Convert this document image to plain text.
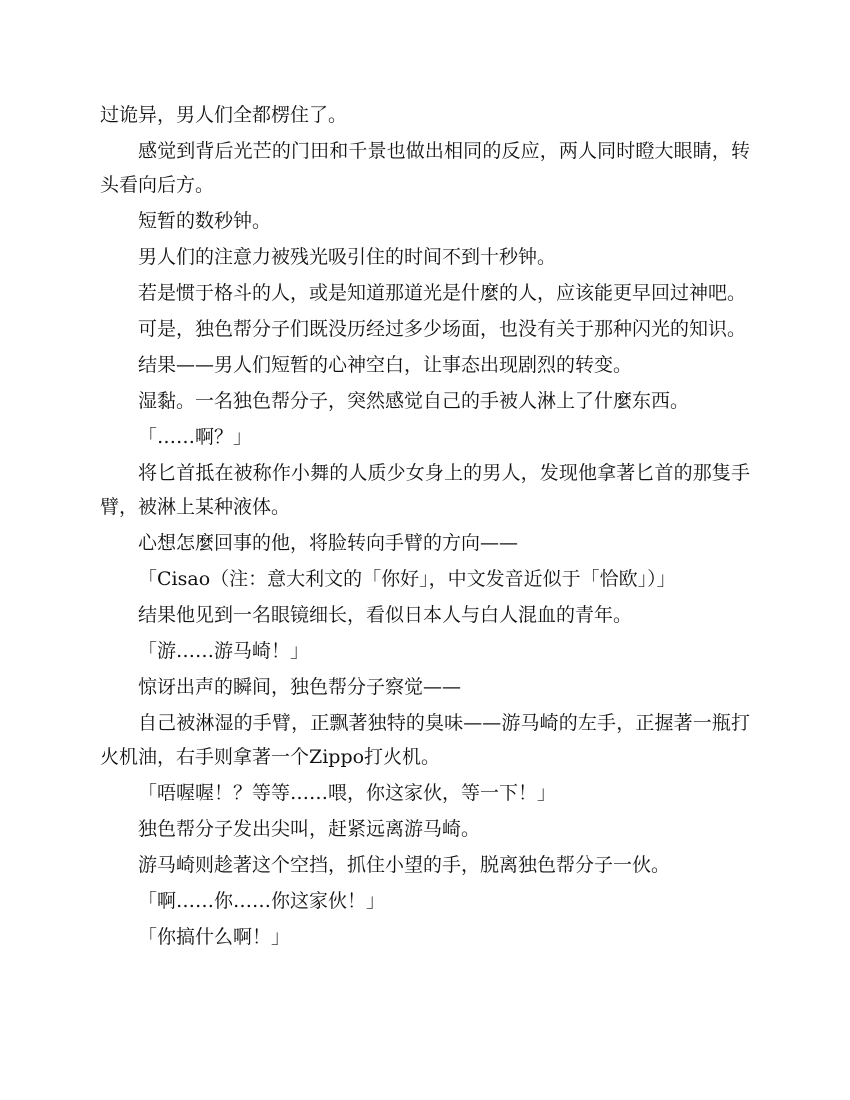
过诡异，男人们全都楞住了。

感觉到背后光芒的门田和千景也做出相同的反应，两人同时瞪大眼睛，转头看向后方。

短暂的数秒钟。

男人们的注意力被残光吸引住的时间不到十秒钟。

若是惯于格斗的人，或是知道那道光是什麼的人，应该能更早回过神吧。

可是，独色帮分子们既没历经过多少场面，也没有关于那种闪光的知识。

结果——男人们短暂的心神空白，让事态出现剧烈的转变。

湿黏。一名独色帮分子，突然感觉自己的手被人淋上了什麼东西。

「……啊？」

将匕首抵在被称作小舞的人质少女身上的男人，发现他拿著匕首的那隻手臂，被淋上某种液体。

心想怎麼回事的他，将脸转向手臂的方向——

「Cisao（注：意大利文的「你好」，中文发音近似于「恰欧」）」

结果他见到一名眼镜细长，看似日本人与白人混血的青年。

「游……游马崎！」

惊讶出声的瞬间，独色帮分子察觉——

自己被淋湿的手臂，正飘著独特的臭味——游马崎的左手，正握著一瓶打火机油，右手则拿著一个Zippo打火机。

「唔喔喔！？等等……喂，你这家伙，等一下！」

独色帮分子发出尖叫，赶紧远离游马崎。

游马崎则趁著这个空挡，抓住小望的手，脱离独色帮分子一伙。

「啊……你……你这家伙！」

「你搞什么啊！」
